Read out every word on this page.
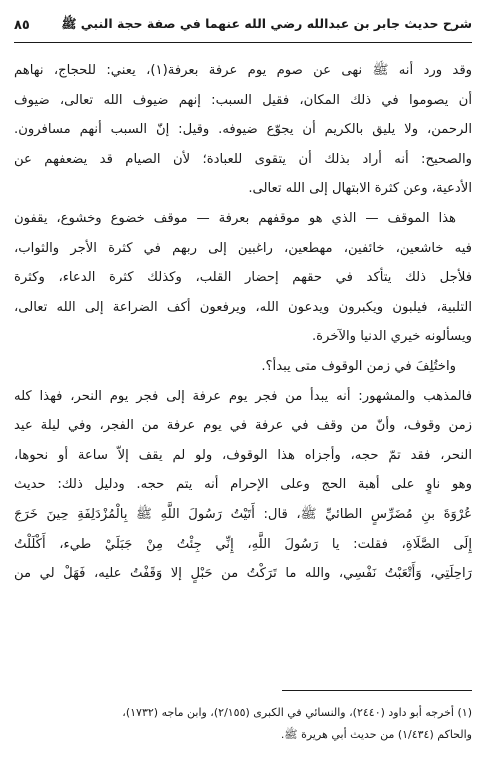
شرح حديث جابر بن عبدالله رضي الله عنهما في صفة حجة النبي ﷺ
٨٥
وقد ورد أنه ﷺ نهى عن صوم يوم عرفة بعرفة(١)، يعني: للحجاج، نهاهم
أن يصوموا في ذلك المكان، فقيل السبب: إنهم ضيوف الله تعالى، ضيوف
الرحمن، ولا يليق بالكريم أن يجوّع ضيوفه. وقيل: إنّ السبب أنهم مسافرون.
والصحيح: أنه أراد بذلك أن يتقوى للعبادة؛ لأن الصيام قد يضعفهم عن
الأدعية، وعن كثرة الابتهال إلى الله تعالى.
هذا الموقف — الذي هو موقفهم بعرفة — موقف خضوع وخشوع، يقفون
فيه خاشعين، خائفين، مهطعين، راغبين إلى ربهم في كثرة الأجر والثواب،
فلأجل ذلك يتأكد في حقهم إحضار القلب، وكذلك كثرة الدعاء، وكثرة
التلبية، فيلبون ويكبرون ويدعون الله، ويرفعون أكف الضراعة إلى الله تعالى،
ويسألونه خيري الدنيا والآخرة.
واختُلِفَ في زمن الوقوف متى يبدأ؟.
فالمذهب والمشهور: أنه يبدأ من فجر يوم عرفة إلى فجر يوم النحر، فهذا كله
زمن وقوف، وأنّ من وقف في عرفة في يوم عرفة من الفجر، وفي ليلة عيد
النحر، فقد تمّ حجه، وأجزاه هذا الوقوف، ولو لم يقف إلاّ ساعة أو نحوها،
وهو ناوٍ على أهبة الحج وعلى الإحرام أنه يتم حجه. ودليل ذلك: حديث
عُرْوَةَ بنِ مُضَرِّسٍ الطائيِّ ﷺ، قال: أَتَيْتُ رَسُولَ اللَّهِ ﷺ بِالْمُزْدَلِفَةِ حِينَ خَرَجَ
إِلَى الصَّلَاةِ، فقلت: يا رَسُولَ اللَّهِ، إِنِّي جِئْتُ مِنْ جَبَلَيْ طيء، أَكْلَلْتُ
رَاحِلَتِي، وَأَتْعَبْتُ نَفْسِي، والله ما تَرَكْتُ من حَبْلٍ إلا وَقَفْتُ عليه، فَهَلْ لي من
(١) أخرجه أبو داود (٢٤٤٠)، والنسائي في الكبرى (٢/١٥٥)، وابن ماجه (١٧٣٢)،
والحاكم (١/٤٣٤) من حديث أبي هريرة ﷺ.
